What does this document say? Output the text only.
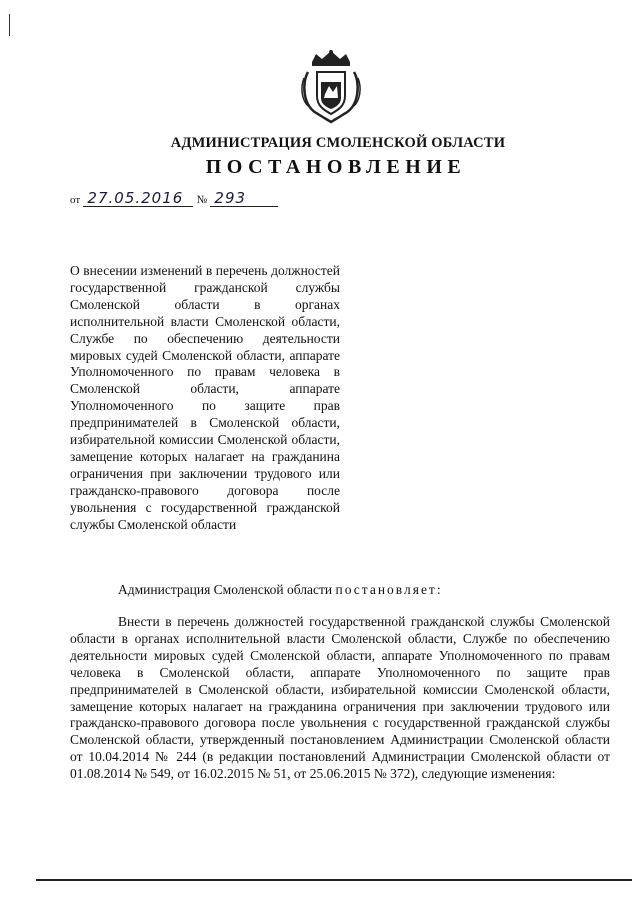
АДМИНИСТРАЦИЯ СМОЛЕНСКОЙ ОБЛАСТИ
ПОСТАНОВЛЕНИЕ
от 27.05.2016 № 293
О внесении изменений в перечень должностей государственной гражданской службы Смоленской области в органах исполнительной власти Смоленской области, Службе по обеспечению деятельности мировых судей Смоленской области, аппарате Уполномоченного по правам человека в Смоленской области, аппарате Уполномоченного по защите прав предпринимателей в Смоленской области, избирательной комиссии Смоленской области, замещение которых налагает на гражданина ограничения при заключении трудового или гражданско-правового договора после увольнения с государственной гражданской службы Смоленской области
Администрация Смоленской области постановляет:
Внести в перечень должностей государственной гражданской службы Смоленской области в органах исполнительной власти Смоленской области, Службе по обеспечению деятельности мировых судей Смоленской области, аппарате Уполномоченного по правам человека в Смоленской области, аппарате Уполномоченного по защите прав предпринимателей в Смоленской области, избирательной комиссии Смоленской области, замещение которых налагает на гражданина ограничения при заключении трудового или гражданско-правового договора после увольнения с государственной гражданской службы Смоленской области, утвержденный постановлением Администрации Смоленской области от 10.04.2014 № 244 (в редакции постановлений Администрации Смоленской области от 01.08.2014 № 549, от 16.02.2015 № 51, от 25.06.2015 № 372), следующие изменения:
